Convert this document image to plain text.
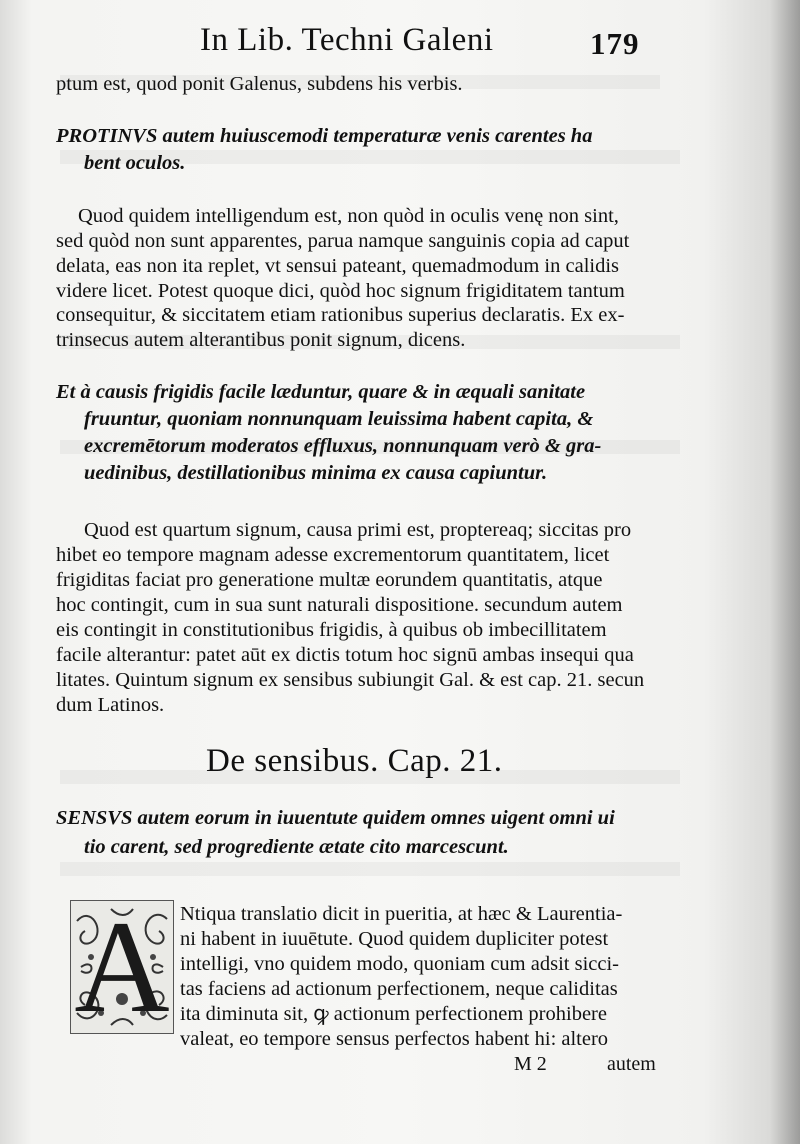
In Lib. Techni Galeni	179
ptum est, quod ponit Galenus, subdens his verbis.
PROTINVS autem huiuscemodi temperaturæ venis carentes ha
bent oculos.
Quod quidem intelligendum est, non quòd in oculis venę non sint,
sed quòd non sunt apparentes, parua namque sanguinis copia ad caput
delata, eas non ita replet, vt sensui pateant, quemadmodum in calidis
videre licet. Potest quoque dici, quòd hoc signum frigiditatem tantum
consequitur, & siccitatem etiam rationibus superius declaratis. Ex ex-
trinsecus autem alterantibus ponit signum, dicens.
Et à causis frigidis facile læduntur, quare & in æquali sanitate
fruuntur, quoniam nonnunquam leuissima habent capita, &
excremētorum moderatos effluxus, nonnunquam verò & gra-
uedinibus, destillationibus minima ex causa capiuntur.
Quod est quartum signum, causa primi est, proptereaq; siccitas pro
hibet eo tempore magnam adesse excrementorum quantitatem, licet
frigiditas faciat pro generatione multæ eorundem quantitatis, atque
hoc contingit, cum in sua sunt naturali dispositione. secundum autem
eis contingit in constitutionibus frigidis, à quibus ob imbecillitatem
facile alterantur: patet aūt ex dictis totum hoc signū ambas insequi qua
litates. Quintum signum ex sensibus subiungit Gal. & est cap. 21. secun
dum Latinos.
De sensibus. Cap. 21.
SENSVS autem eorum in iuuentute quidem omnes uigent omni ui
tio carent, sed progrediente ætate cito marcescunt.
A Ntiqua translatio dicit in pueritia, at hæc & Laurentia-
ni habent in iuuētute. Quod quidem dupliciter potest
intelligi, vno quidem modo, quoniam cum adsit sicci-
tas faciens ad actionum perfectionem, neque caliditas
ita diminuta sit, ꝙ actionum perfectionem prohibere
valeat, eo tempore sensus perfectos habent hi: altero
M 2	autem
